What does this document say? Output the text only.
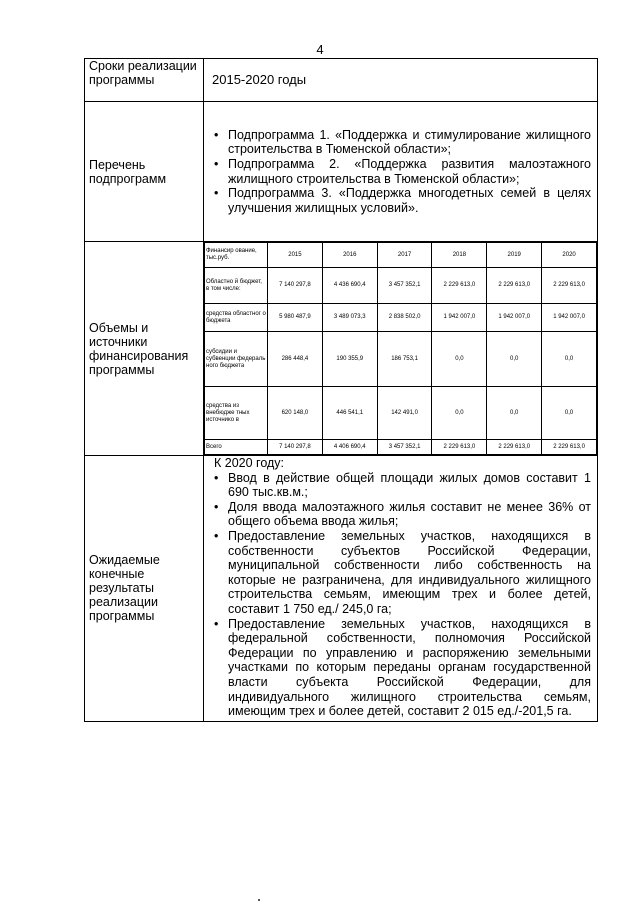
4
Сроки реализации программы	2015-2020 годы
Перечень подпрограмм	
• Подпрограмма 1. «Поддержка и стимулирование жилищного строительства в Тюменской области»;
• Подпрограмма 2. «Поддержка развития малоэтажного жилищного строительства в Тюменской области»;
• Подпрограмма 3. «Поддержка многодетных семей в целях улучшения жилищных условий».

Объемы и источники финансирования программы	
Финансир ование, тыс.руб.	2015	2016	2017	2018	2019	2020
Областно й бюджет, в том числе:	7 140 297,8	4 436 690,4	3 457 352,1	2 229 613,0	2 229 613,0	2 229 613,0
средства областног о бюджета	5 980 487,9	3 489 073,3	2 838 502,0	1 942 007,0	1 942 007,0	1 942 007,0
субсидии и субвенции федераль ного бюджета	286 448,4	190 355,9	186 753,1	0,0	0,0	0,0
средства из внебюдже тных источнико в	620 148,0	446 541,1	142 491,0	0,0	0,0	0,0
Всего	7 140 297,8	4 406 690,4	3 457 352,1	2 229 613,0	2 229 613,0	2 229 613,0

Ожидаемые конечные результаты реализации программы	
К 2020 году:
• Ввод в действие общей площади жилых домов составит 1 690 тыс.кв.м.;
• Доля ввода малоэтажного жилья составит не менее 36% от общего объема ввода жилья;
• Предоставление земельных участков, находящихся в собственности субъектов Российской Федерации, муниципальной собственности либо собственность на которые не разграничена, для индивидуального жилищного строительства семьям, имеющим трех и более детей, составит 1 750 ед./ 245,0 га;
• Предоставление земельных участков, находящихся в федеральной собственности, полномочия Российской Федерации по управлению и распоряжению земельными участками по которым переданы органам государственной власти субъекта Российской Федерации, для индивидуального жилищного строительства семьям, имеющим трех и более детей, составит 2 015 ед./-201,5 га.
